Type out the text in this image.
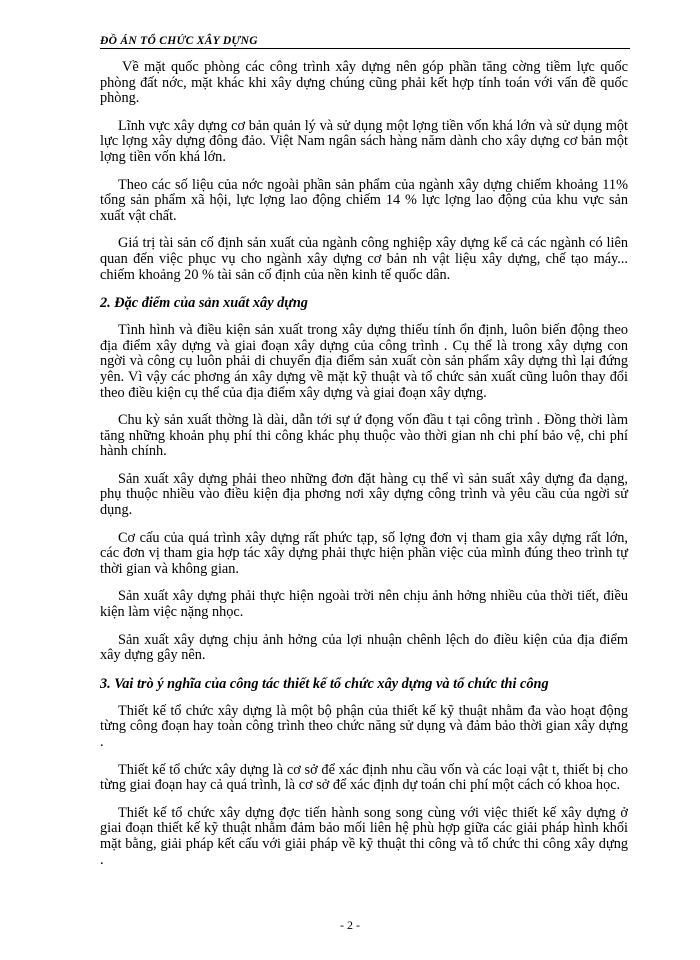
ĐỒ ÁN TỔ CHỨC XÂY DỰNG

Về mặt quốc phòng các công trình xây dựng nên góp phần tăng cờng tiềm lực quốc phòng đất nớc, mặt khác khi xây dựng chúng cũng phải kết hợp tính toán với vấn đề quốc phòng.

Lĩnh vực xây dựng cơ bản quản lý và sử dụng một lợng tiền vốn khá lớn và sử dụng một lực lợng xây dựng đông đảo. Việt Nam ngân sách hàng năm dành cho xây dựng cơ bản một lợng tiền vốn khá lớn.

Theo các số liệu của nớc ngoài phần sản phẩm của ngành xây dựng chiếm khoảng 11% tổng sản phẩm xã hội, lực lợng lao động chiếm 14 % lực lợng lao động của khu vực sản xuất vật chất.

Giá trị tài sản cố định sản xuất của ngành công nghiệp xây dựng kể cả các ngành có liên quan đến việc phục vụ cho ngành xây dựng cơ bản nh vật liệu xây dựng, chế tạo máy... chiếm khoảng 20 % tài sản cố định của nền kinh tế quốc dân.

2. Đặc điểm của sản xuất xây dựng

Tình hình và điều kiện sản xuất trong xây dựng thiếu tính ổn định, luôn biến động theo địa điểm xây dựng và giai đoạn xây dựng của công trình . Cụ thể là trong xây dựng con ngời và công cụ luôn phải di chuyển địa điểm sản xuất còn sản phẩm xây dựng thì lại đứng yên. Vì vậy các phơng án xây dựng về mặt kỹ thuật và tổ chức sản xuất cũng luôn thay đổi theo điều kiện cụ thể của địa điểm xây dựng và giai đoạn xây dựng.

Chu kỳ sản xuất thờng là dài, dẫn tới sự ứ đọng vốn đầu t tại công trình . Đồng thời làm tăng những khoản phụ phí thi công khác phụ thuộc vào thời gian nh chi phí bảo vệ, chi phí hành chính.

Sản xuất xây dựng phải theo những đơn đặt hàng cụ thể vì sản suất xây dựng đa dạng, phụ thuộc nhiều vào điều kiện địa phơng nơi xây dựng công trình và yêu cầu của ngời sử dụng.

Cơ cấu của quá trình xây dựng rất phức tạp, số lợng đơn vị tham gia xây dựng rất lớn, các đơn vị tham gia hợp tác xây dựng phải thực hiện phần việc của mình đúng theo trình tự thời gian và không gian.

Sản xuất xây dựng phải thực hiện ngoài trời nên chịu ảnh hởng nhiều của thời tiết, điều kiện làm việc nặng nhọc.

Sản xuất xây dựng chịu ảnh hởng của lợi nhuận chênh lệch do điều kiện của địa điểm xây dựng gây nên.

3. Vai trò ý nghĩa của công tác thiết kế tổ chức xây dựng và tổ chức thi công

Thiết kế tổ chức xây dựng là một bộ phận của thiết kế kỹ thuật nhằm đa vào hoạt động từng công đoạn hay toàn công trình theo chức năng sử dụng và đảm bảo thời gian xây dựng .

Thiết kế tổ chức xây dựng là cơ sở để xác định nhu cầu vốn và các loại vật t, thiết bị cho từng giai đoạn hay cả quá trình, là cơ sở để xác định dự toán chi phí một cách có khoa học.

Thiết kế tổ chức xây dựng đợc tiến hành song song cùng với việc thiết kế xây dựng ở giai đoạn thiết kế kỹ thuật nhằm đảm bảo mối liên hệ phù hợp giữa các giải pháp hình khối mặt bằng, giải pháp kết cấu với giải pháp về kỹ thuật thi công và tổ chức thi công xây dựng .

- 2 -
